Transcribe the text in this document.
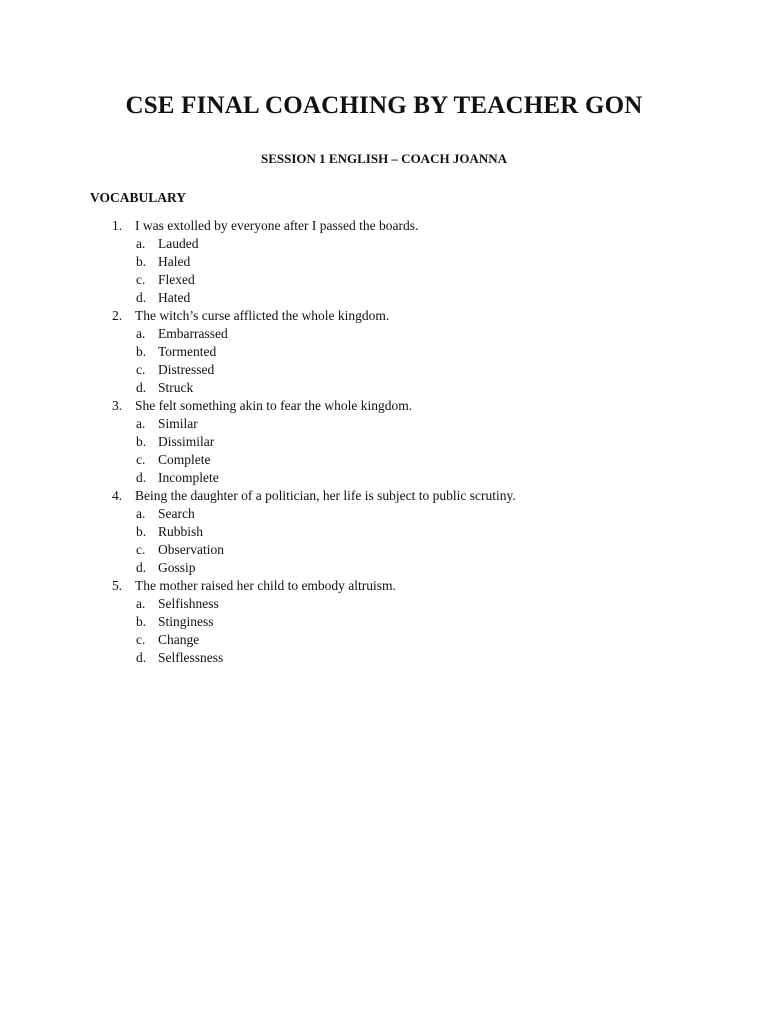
CSE FINAL COACHING BY TEACHER GON
SESSION 1 ENGLISH – COACH JOANNA
VOCABULARY
1. I was extolled by everyone after I passed the boards.
a. Lauded
b. Haled
c. Flexed
d. Hated
2. The witch’s curse afflicted the whole kingdom.
a. Embarrassed
b. Tormented
c. Distressed
d. Struck
3. She felt something akin to fear the whole kingdom.
a. Similar
b. Dissimilar
c. Complete
d. Incomplete
4. Being the daughter of a politician, her life is subject to public scrutiny.
a. Search
b. Rubbish
c. Observation
d. Gossip
5. The mother raised her child to embody altruism.
a. Selfishness
b. Stinginess
c. Change
d. Selflessness
